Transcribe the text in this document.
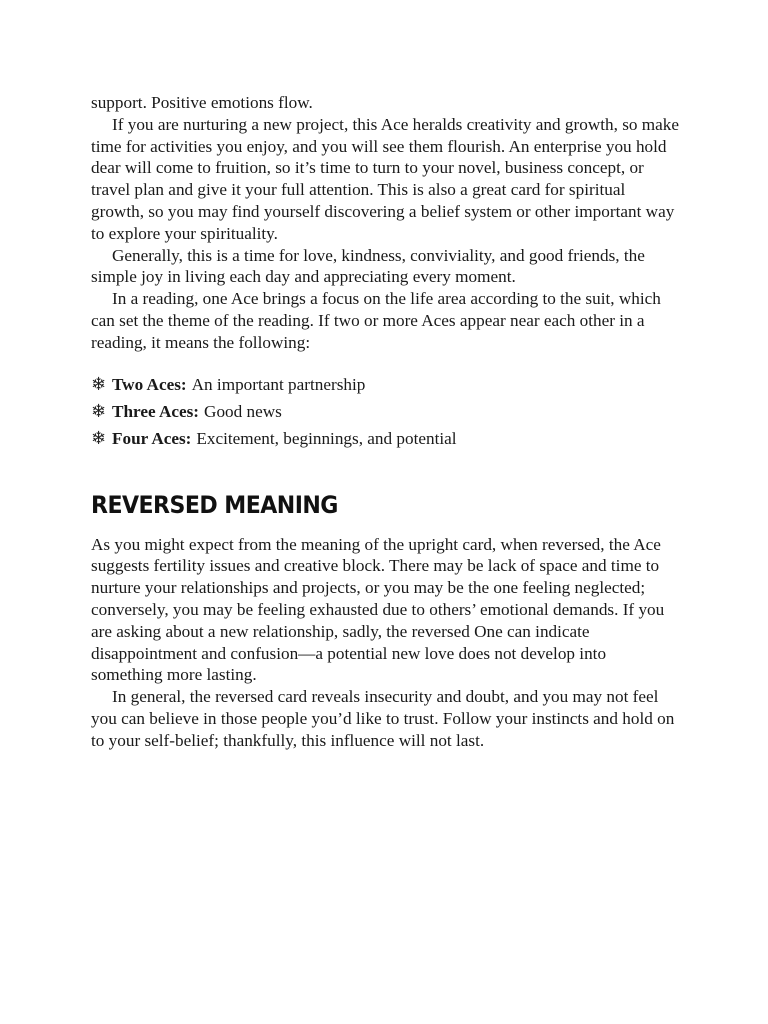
support. Positive emotions flow.

If you are nurturing a new project, this Ace heralds creativity and growth, so make time for activities you enjoy, and you will see them flourish. An enterprise you hold dear will come to fruition, so it’s time to turn to your novel, business concept, or travel plan and give it your full attention. This is also a great card for spiritual growth, so you may find yourself discovering a belief system or other important way to explore your spirituality.

Generally, this is a time for love, kindness, conviviality, and good friends, the simple joy in living each day and appreciating every moment.

In a reading, one Ace brings a focus on the life area according to the suit, which can set the theme of the reading. If two or more Aces appear near each other in a reading, it means the following:

❄ Two Aces: An important partnership
❄ Three Aces: Good news
❄ Four Aces: Excitement, beginnings, and potential
REVERSED MEANING

As you might expect from the meaning of the upright card, when reversed, the Ace suggests fertility issues and creative block. There may be lack of space and time to nurture your relationships and projects, or you may be the one feeling neglected; conversely, you may be feeling exhausted due to others’ emotional demands. If you are asking about a new relationship, sadly, the reversed One can indicate disappointment and confusion—a potential new love does not develop into something more lasting.

In general, the reversed card reveals insecurity and doubt, and you may not feel you can believe in those people you’d like to trust. Follow your instincts and hold on to your self-belief; thankfully, this influence will not last.
